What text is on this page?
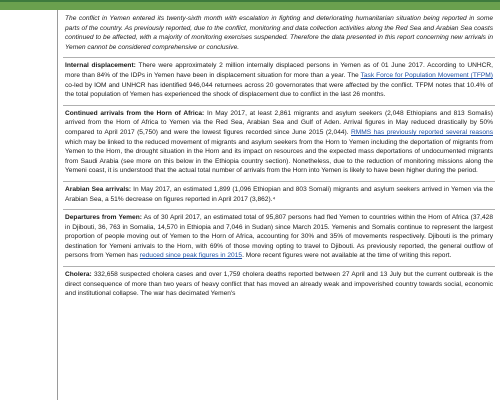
The conflict in Yemen entered its twenty-sixth month with escalation in fighting and deteriorating humanitarian situation being reported in some parts of the country. As previously reported, due to the conflict, monitoring and data collection activities along the Red Sea and Arabian Sea coasts continued to be affected, with a majority of monitoring exercises suspended. Therefore the data presented in this report concerning new arrivals in Yemen cannot be considered comprehensive or conclusive.

Internal displacement: There were approximately 2 million internally displaced persons in Yemen as of 01 June 2017. According to UNHCR, more than 84% of the IDPs in Yemen have been in displacement situation for more than a year. The Task Force for Population Movement (TFPM) co-led by IOM and UNHCR has identified 946,044 returnees across 20 governorates that were affected by the conflict. TFPM notes that 10.4% of the total population of Yemen has experienced the shock of displacement due to conflict in the last 26 months.

Continued arrivals from the Horn of Africa: In May 2017, at least 2,861 migrants and asylum seekers (2,048 Ethiopians and 813 Somalis) arrived from the Horn of Africa to Yemen via the Red Sea, Arabian Sea and Gulf of Aden. Arrival figures in May reduced drastically by 50% compared to April 2017 (5,750) and were the lowest figures recorded since June 2015 (2,044). RMMS has previously reported several reasons which may be linked to the reduced movement of migrants and asylum seekers from the Horn to Yemen including the deportation of migrants from Yemen to the Horn, the drought situation in the Horn and its impact on resources and the expected mass deportations of undocumented migrants from Saudi Arabia (see more on this below in the Ethiopia country section). Nonetheless, due to the reduction of monitoring missions along the Yemeni coast, it is understood that the actual total number of arrivals from the Horn into Yemen is likely to have been higher during the period.

Arabian Sea arrivals: In May 2017, an estimated 1,899 (1,096 Ethiopian and 803 Somali) migrants and asylum seekers arrived in Yemen via the Arabian Sea, a 51% decrease on figures reported in April 2017 (3,862).⁴

Departures from Yemen: As of 30 April 2017, an estimated total of 95,807 persons had fled Yemen to countries within the Horn of Africa (37,428 in Djibouti, 36, 763 in Somalia, 14,570 in Ethiopia and 7,046 in Sudan) since March 2015. Yemenis and Somalis continue to represent the largest proportion of people moving out of Yemen to the Horn of Africa, accounting for 30% and 35% of movements respectively. Djibouti is the primary destination for Yemeni arrivals to the Horn, with 69% of those moving opting to travel to Djibouti. As previously reported, the general outflow of persons from Yemen has reduced since peak figures in 2015. More recent figures were not available at the time of writing this report.

Cholera: 332,658 suspected cholera cases and over 1,759 cholera deaths reported between 27 April and 13 July but the current outbreak is the direct consequence of more than two years of heavy conflict that has moved an already weak and impoverished country towards social, economic and institutional collapse. The war has decimated Yemen's
